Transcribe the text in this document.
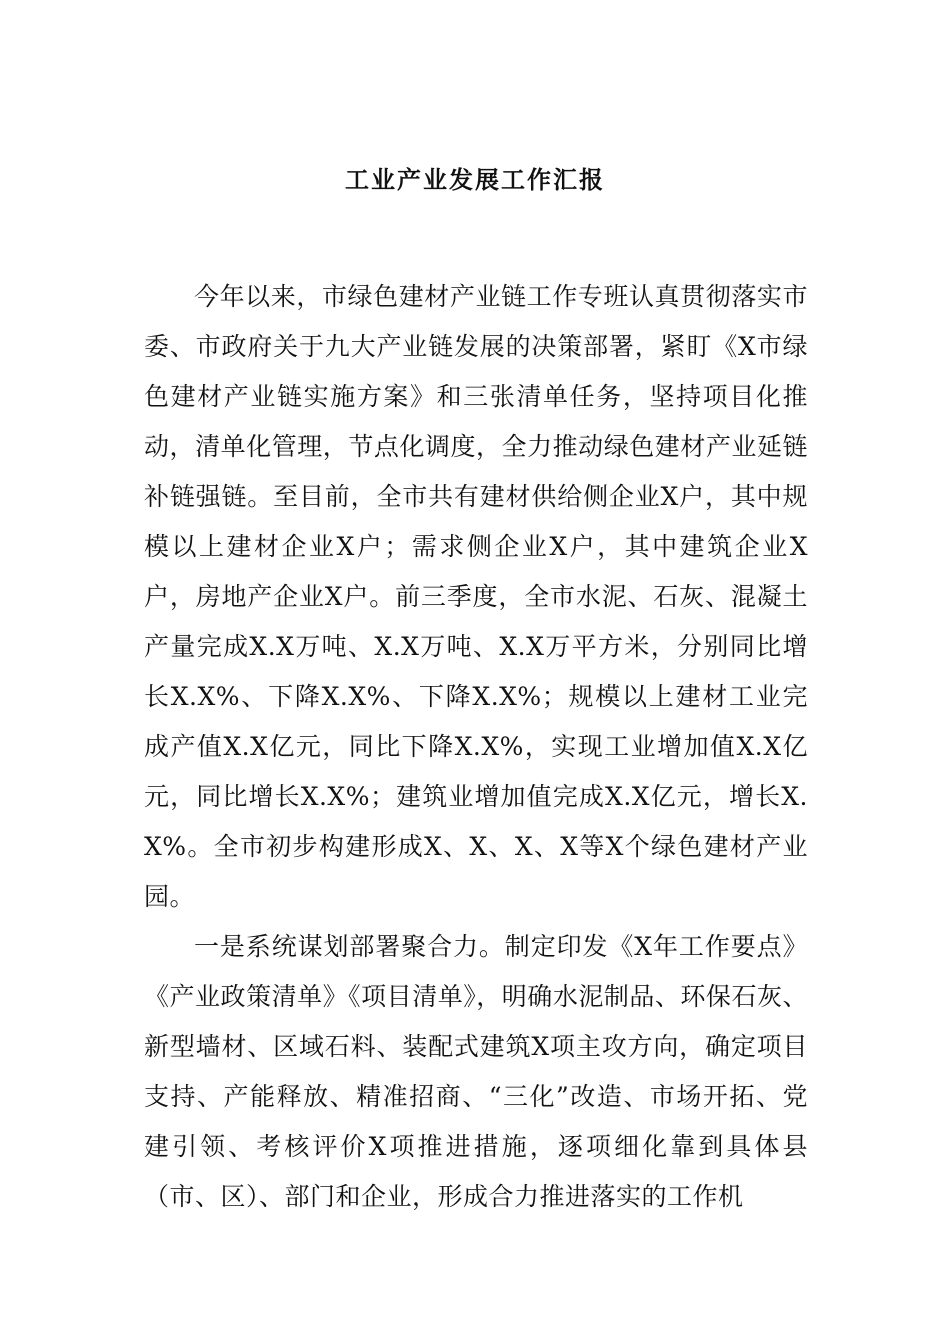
工业产业发展工作汇报

今年以来，市绿色建材产业链工作专班认真贯彻落实市委、市政府关于九大产业链发展的决策部署，紧盯《X市绿色建材产业链实施方案》和三张清单任务，坚持项目化推动，清单化管理，节点化调度，全力推动绿色建材产业延链补链强链。至目前，全市共有建材供给侧企业X户，其中规模以上建材企业X户；需求侧企业X户，其中建筑企业X户，房地产企业X户。前三季度，全市水泥、石灰、混凝土产量完成X.X万吨、X.X万吨、X.X万平方米，分别同比增长X.X%、下降X.X%、下降X.X%；规模以上建材工业完成产值X.X亿元，同比下降X.X%，实现工业增加值X.X亿元，同比增长X.X%；建筑业增加值完成X.X亿元，增长X.X%。全市初步构建形成X、X、X、X等X个绿色建材产业园。

一是系统谋划部署聚合力。制定印发《X年工作要点》《产业政策清单》《项目清单》，明确水泥制品、环保石灰、新型墙材、区域石料、装配式建筑X项主攻方向，确定项目支持、产能释放、精准招商、“三化”改造、市场开拓、党建引领、考核评价X项推进措施，逐项细化靠到具体县（市、区）、部门和企业，形成合力推进落实的工作机
